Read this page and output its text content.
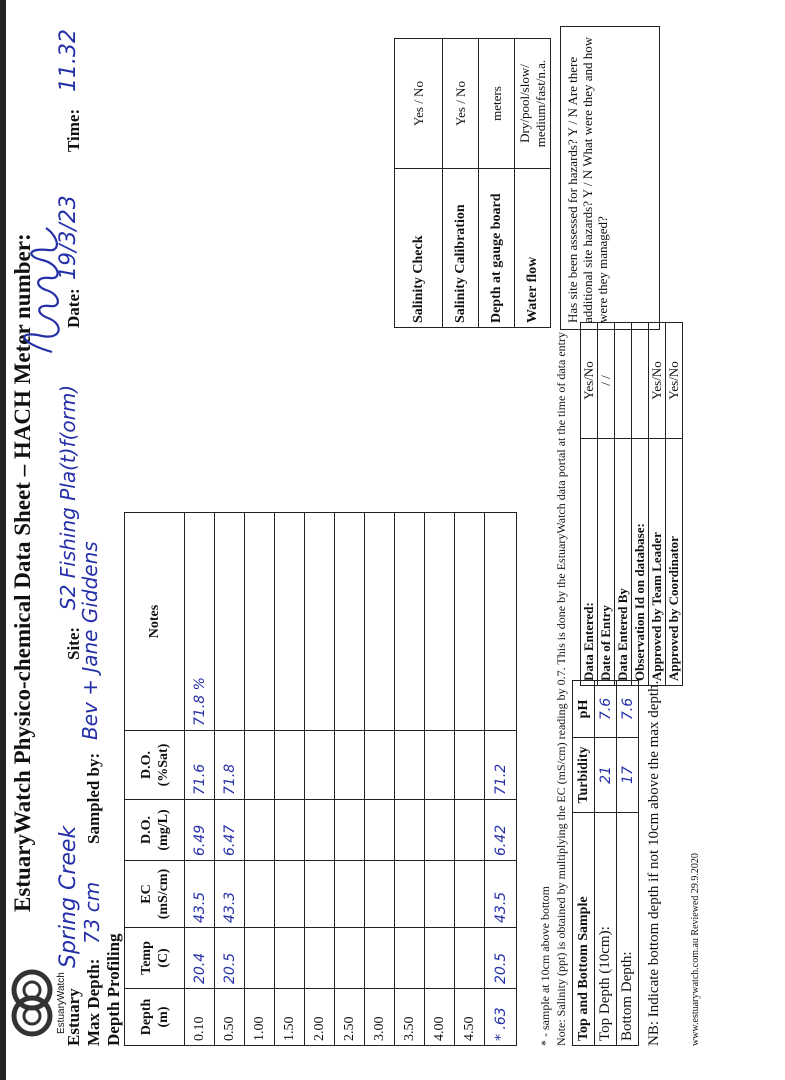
EstuaryWatch
EstuaryWatch Physico-chemical Data Sheet – HACH Meter number:
Estuary
Spring Creek
Site:
S2 Fishing Pla(t)f(orm)
Date:
19/3/23
Time:
11.32
Max Depth:
73 cm
Sampled by:
Bev + Jane Giddens
Depth Profiling Depth (m)	Temp (C)	EC (mS/cm)	D.O. (mg/L)	D.O. (%Sat)	Notes
0.10	20.4	43.5	6.49	71.6	71.8 %
0.50	20.5	43.3	6.47	71.8	
1.00					
1.50					
2.00					
2.50					
3.00					
3.50					
4.00					
4.50					
* .63	20.5	43.5	6.42	71.2	
* - sample at 10cm above bottom Note: Salinity (ppt) is obtained by multiplying the EC (mS/cm) reading by 0.7. This is done by the EstuaryWatch data portal at the time of data entry Top and Bottom Sample	Turbidity	pH
Top Depth (10cm):	21	7.6
Bottom Depth:	17	7.6 NB: Indicate bottom depth if not 10cm above the max depth.	www.estuarywatch.com.au Reviewed 29.9.2020
Data Entered:	Yes/No
Date of Entry	/ /
Data Entered By	
Observation Id on database:	
Approved by Team Leader	Yes/No
Approved by Coordinator	Yes/No
Salinity Check	Yes / No
Salinity Calibration	Yes / No
Depth at gauge board	meters
Water flow	Dry/pool/slow/ medium/fast/n.a. Has site been assessed for hazards? Y / N Are there additional site hazards? Y / N What were they and how were they managed?
